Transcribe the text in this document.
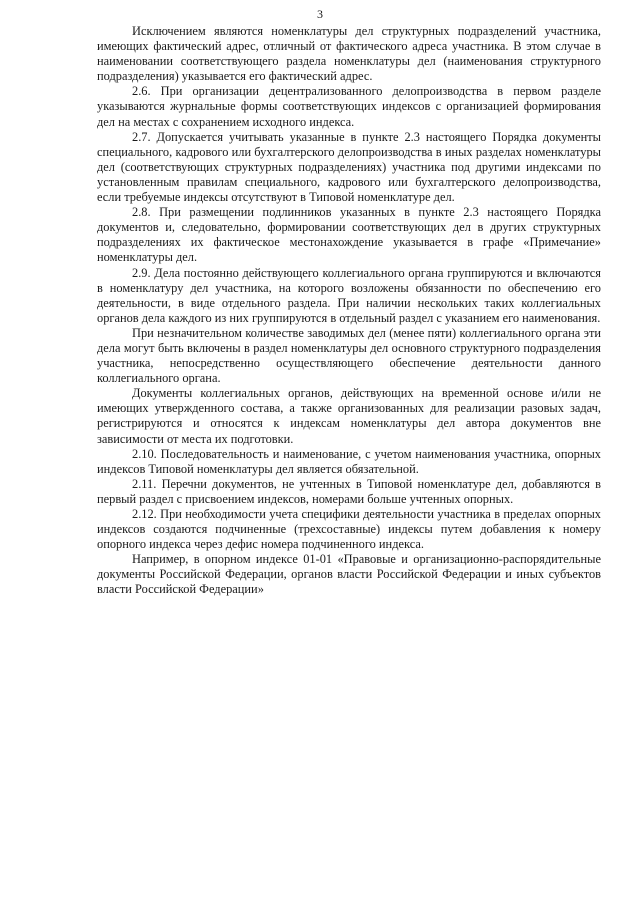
3

Исключением являются номенклатуры дел структурных подразделений участника, имеющих фактический адрес, отличный от фактического адреса участника. В этом случае в наименовании соответствующего раздела номенклатуры дел (наименования структурного подразделения) указывается его фактический адрес.

2.6. При организации децентрализованного делопроизводства в первом разделе указываются журнальные формы соответствующих индексов с организацией формирования дел на местах с сохранением исходного индекса.

2.7. Допускается учитывать указанные в пункте 2.3 настоящего Порядка документы специального, кадрового или бухгалтерского делопроизводства в иных разделах номенклатуры дел (соответствующих структурных подразделениях) участника под другими индексами по установленным правилам специального, кадрового или бухгалтерского делопроизводства, если требуемые индексы отсутствуют в Типовой номенклатуре дел.

2.8. При размещении подлинников указанных в пункте 2.3 настоящего Порядка документов и, следовательно, формировании соответствующих дел в других структурных подразделениях их фактическое местонахождение указывается в графе «Примечание» номенклатуры дел.

2.9. Дела постоянно действующего коллегиального органа группируются и включаются в номенклатуру дел участника, на которого возложены обязанности по обеспечению его деятельности, в виде отдельного раздела. При наличии нескольких таких коллегиальных органов дела каждого из них группируются в отдельный раздел с указанием его наименования.

При незначительном количестве заводимых дел (менее пяти) коллегиального органа эти дела могут быть включены в раздел номенклатуры дел основного структурного подразделения участника, непосредственно осуществляющего обеспечение деятельности данного коллегиального органа.

Документы коллегиальных органов, действующих на временной основе и/или не имеющих утвержденного состава, а также организованных для реализации разовых задач, регистрируются и относятся к индексам номенклатуры дел автора документов вне зависимости от места их подготовки.

2.10. Последовательность и наименование, с учетом наименования участника, опорных индексов Типовой номенклатуры дел является обязательной.

2.11. Перечни документов, не учтенных в Типовой номенклатуре дел, добавляются в первый раздел с присвоением индексов, номерами больше учтенных опорных.

2.12. При необходимости учета специфики деятельности участника в пределах опорных индексов создаются подчиненные (трехсоставные) индексы путем добавления к номеру опорного индекса через дефис номера подчиненного индекса.

Например, в опорном индексе 01-01 «Правовые и организационно-распорядительные документы Российской Федерации, органов власти Российской Федерации и иных субъектов власти Российской Федерации»
